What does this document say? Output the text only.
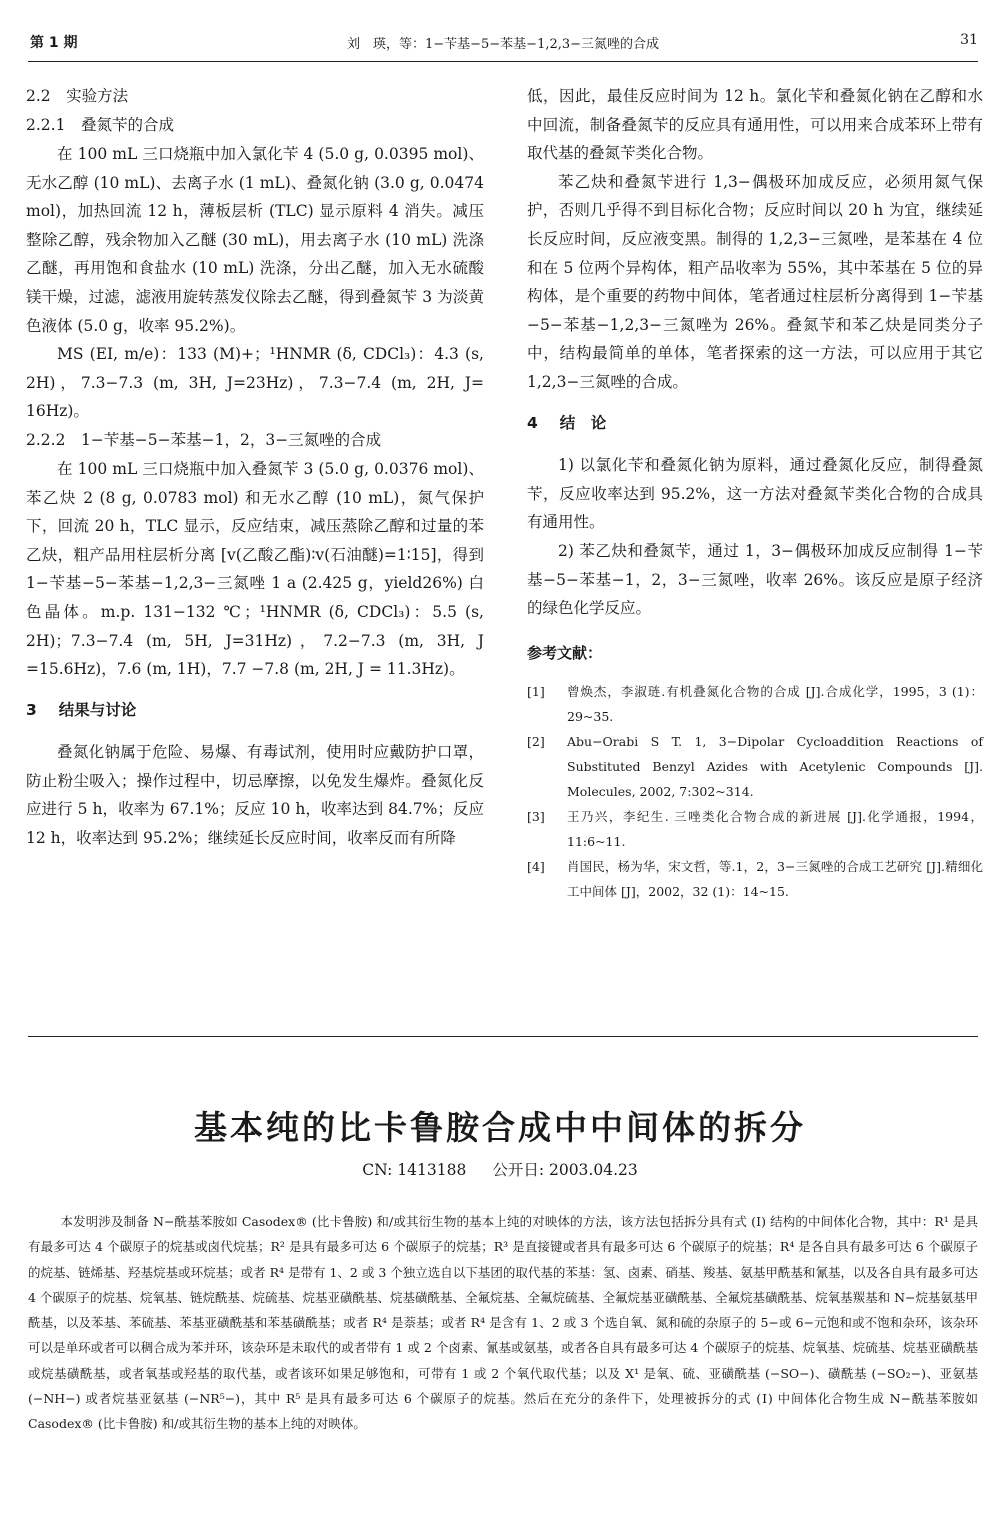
第 1 期	刘　瑛，等：1−苄基−5−苯基−1,2,3−三氮唑的合成	31

2.2　实验方法

2.2.1　叠氮苄的合成

在 100 mL 三口烧瓶中加入氯化苄 4 (5.0 g, 0.0395 mol)、无水乙醇 (10 mL)、去离子水 (1 mL)、叠氮化钠 (3.0 g, 0.0474 mol)，加热回流 12 h，薄板层析 (TLC) 显示原料 4 消失。减压整除乙醇，残余物加入乙醚 (30 mL)，用去离子水 (10 mL) 洗涤乙醚，再用饱和食盐水 (10 mL) 洗涤，分出乙醚，加入无水硫酸镁干燥，过滤，滤液用旋转蒸发仪除去乙醚，得到叠氮苄 3 为淡黄色液体 (5.0 g，收率 95.2%)。

MS (EI, m/e)：133 (M)+；¹HNMR (δ, CDCl₃)：4.3 (s, 2H)，7.3−7.3 (m, 3H, J=23Hz)，7.3−7.4 (m, 2H, J= 16Hz)。

2.2.2　1−苄基−5−苯基−1，2，3−三氮唑的合成

在 100 mL 三口烧瓶中加入叠氮苄 3 (5.0 g, 0.0376 mol)、苯乙炔 2 (8 g, 0.0783 mol) 和无水乙醇 (10 mL)，氮气保护下，回流 20 h，TLC 显示，反应结束，减压蒸除乙醇和过量的苯乙炔，粗产品用柱层析分离 [v(乙酸乙酯)∶v(石油醚)=1∶15]，得到 1−苄基−5−苯基−1,2,3−三氮唑 1 a (2.425 g，yield26%) 白色晶体。m.p. 131−132 ℃；¹HNMR (δ, CDCl₃)：5.5 (s, 2H)；7.3−7.4 (m, 5H, J=31Hz)，7.2−7.3 (m, 3H, J =15.6Hz)，7.6 (m, 1H)，7.7 −7.8 (m, 2H, J = 11.3Hz)。

3 结果与讨论

叠氮化钠属于危险、易爆、有毒试剂，使用时应戴防护口罩，防止粉尘吸入；操作过程中，切忌摩擦，以免发生爆炸。叠氮化反应进行 5 h，收率为 67.1%；反应 10 h，收率达到 84.7%；反应 12 h，收率达到 95.2%；继续延长反应时间，收率反而有所降

低，因此，最佳反应时间为 12 h。氯化苄和叠氮化钠在乙醇和水中回流，制备叠氮苄的反应具有通用性，可以用来合成苯环上带有取代基的叠氮苄类化合物。

苯乙炔和叠氮苄进行 1,3−偶极环加成反应，必须用氮气保护，否则几乎得不到目标化合物；反应时间以 20 h 为宜，继续延长反应时间，反应液变黑。制得的 1,2,3−三氮唑，是苯基在 4 位和在 5 位两个异构体，粗产品收率为 55%，其中苯基在 5 位的异构体，是个重要的药物中间体，笔者通过柱层析分离得到 1−苄基−5−苯基−1,2,3−三氮唑为 26%。叠氮苄和苯乙炔是同类分子中，结构最简单的单体，笔者探索的这一方法，可以应用于其它 1,2,3−三氮唑的合成。

4 结　论

1) 以氯化苄和叠氮化钠为原料，通过叠氮化反应，制得叠氮苄，反应收率达到 95.2%，这一方法对叠氮苄类化合物的合成具有通用性。

2) 苯乙炔和叠氮苄，通过 1，3−偶极环加成反应制得 1−苄基−5−苯基−1，2，3−三氮唑，收率 26%。该反应是原子经济的绿色化学反应。

参考文献：
[1] 曾焕杰，李淑琏.有机叠氮化合物的合成 [J].合成化学，1995，3 (1)：29~35.
[2] Abu−Orabi S T. 1, 3−Dipolar Cycloaddition Reactions of Substituted Benzyl Azides with Acetylenic Compounds [J]. Molecules, 2002, 7:302~314.
[3] 王乃兴，李纪生. 三唑类化合物合成的新进展 [J].化学通报，1994，11:6~11.
[4] 肖国民，杨为华，宋文哲，等.1，2，3−三氮唑的合成工艺研究 [J].精细化工中间体 [J]，2002，32 (1)：14~15.
基本纯的比卡鲁胺合成中中间体的拆分
CN: 1413188 公开日: 2003.04.23

本发明涉及制备 N−酰基苯胺如 Casodex® (比卡鲁胺) 和/或其衍生物的基本上纯的对映体的方法，该方法包括拆分具有式 (Ⅰ) 结构的中间体化合物，其中：R¹ 是具有最多可达 4 个碳原子的烷基或卤代烷基；R² 是具有最多可达 6 个碳原子的烷基；R³ 是直接键或者具有最多可达 6 个碳原子的烷基；R⁴ 是各自具有最多可达 6 个碳原子的烷基、链烯基、羟基烷基或环烷基；或者 R⁴ 是带有 1、2 或 3 个独立选自以下基团的取代基的苯基：氢、卤素、硝基、羧基、氨基甲酰基和氰基，以及各自具有最多可达 4 个碳原子的烷基、烷氧基、链烷酰基、烷硫基、烷基亚磺酰基、烷基磺酰基、全氟烷基、全氟烷硫基、全氟烷基亚磺酰基、全氟烷基磺酰基、烷氧基羰基和 N−烷基氨基甲酰基，以及苯基、苯硫基、苯基亚磺酰基和苯基磺酰基；或者 R⁴ 是萘基；或者 R⁴ 是含有 1、2 或 3 个选自氧、氮和硫的杂原子的 5−或 6−元饱和或不饱和杂环，该杂环可以是单环或者可以稠合成为苯并环，该杂环是未取代的或者带有 1 或 2 个卤素、氰基或氨基，或者各自具有最多可达 4 个碳原子的烷基、烷氧基、烷硫基、烷基亚磺酰基或烷基磺酰基，或者氧基或羟基的取代基，或者该环如果足够饱和，可带有 1 或 2 个氧代取代基；以及 X¹ 是氧、硫、亚磺酰基 (−SO−)、磺酰基 (−SO₂−)、亚氨基 (−NH−) 或者烷基亚氨基 (−NR⁵−)，其中 R⁵ 是具有最多可达 6 个碳原子的烷基。然后在充分的条件下，处理被拆分的式 (Ⅰ) 中间体化合物生成 N−酰基苯胺如 Casodex® (比卡鲁胺) 和/或其衍生物的基本上纯的对映体。
